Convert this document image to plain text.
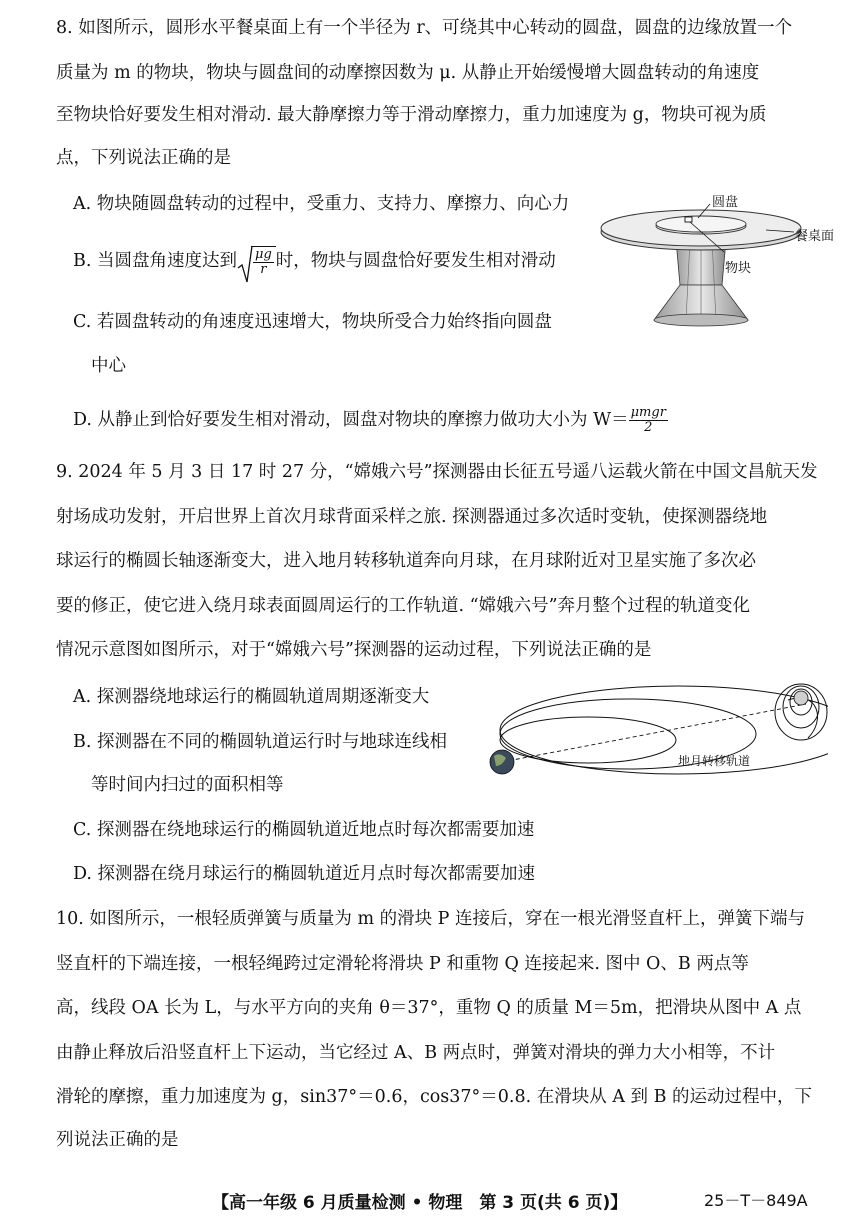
8. 如图所示，圆形水平餐桌面上有一个半径为 r、可绕其中心转动的圆盘，圆盘的边缘放置一个
质量为 m 的物块，物块与圆盘间的动摩擦因数为 μ. 从静止开始缓慢增大圆盘转动的角速度
至物块恰好要发生相对滑动. 最大静摩擦力等于滑动摩擦力，重力加速度为 g，物块可视为质
点，下列说法正确的是
A. 物块随圆盘转动的过程中，受重力、支持力、摩擦力、向心力
B. 当圆盘角速度达到 $\frac{\mu g}{r}$ 时，物块与圆盘恰好要发生相对滑动
C. 若圆盘转动的角速度迅速增大，物块所受合力始终指向圆盘
中心
D. 从静止到恰好要发生相对滑动，圆盘对物块的摩擦力做功大小为 $W= \frac{\text{μmgr}}{2}$
圆盘
餐桌面
物块
9. 2024 年 5 月 3 日 17 时 27 分，“嫦娥六号”探测器由长征五号遥八运载火箭在中国文昌航天发
射场成功发射，开启世界上首次月球背面采样之旅. 探测器通过多次适时变轨，使探测器绕地
球运行的椭圆长轴逐渐变大，进入地月转移轨道奔向月球，在月球附近对卫星实施了多次必
要的修正，使它进入绕月球表面圆周运行的工作轨道. “嫦娥六号”奔月整个过程的轨道变化
情况示意图如图所示，对于“嫦娥六号”探测器的运动过程，下列说法正确的是
A. 探测器绕地球运行的椭圆轨道周期逐渐变大
B. 探测器在不同的椭圆轨道运行时与地球连线相
等时间内扫过的面积相等
C. 探测器在绕地球运行的椭圆轨道近地点时每次都需要加速
D. 探测器在绕月球运行的椭圆轨道近月点时每次都需要加速
地月转移轨道
10. 如图所示，一根轻质弹簧与质量为 m 的滑块 P 连接后，穿在一根光滑竖直杆上，弹簧下端与
竖直杆的下端连接，一根轻绳跨过定滑轮将滑块 P 和重物 Q 连接起来. 图中 O、B 两点等
高，线段 OA 长为 L，与水平方向的夹角 θ＝37°，重物 Q 的质量 M＝5m，把滑块从图中 A 点
由静止释放后沿竖直杆上下运动，当它经过 A、B 两点时，弹簧对滑块的弹力大小相等，不计
滑轮的摩擦，重力加速度为 g，sin37°＝0.6，cos37°＝0.8. 在滑块从 A 到 B 的运动过程中，下
列说法正确的是
【高一年级 6 月质量检测 • 物理　第 3 页(共 6 页)】	25－T－849A
